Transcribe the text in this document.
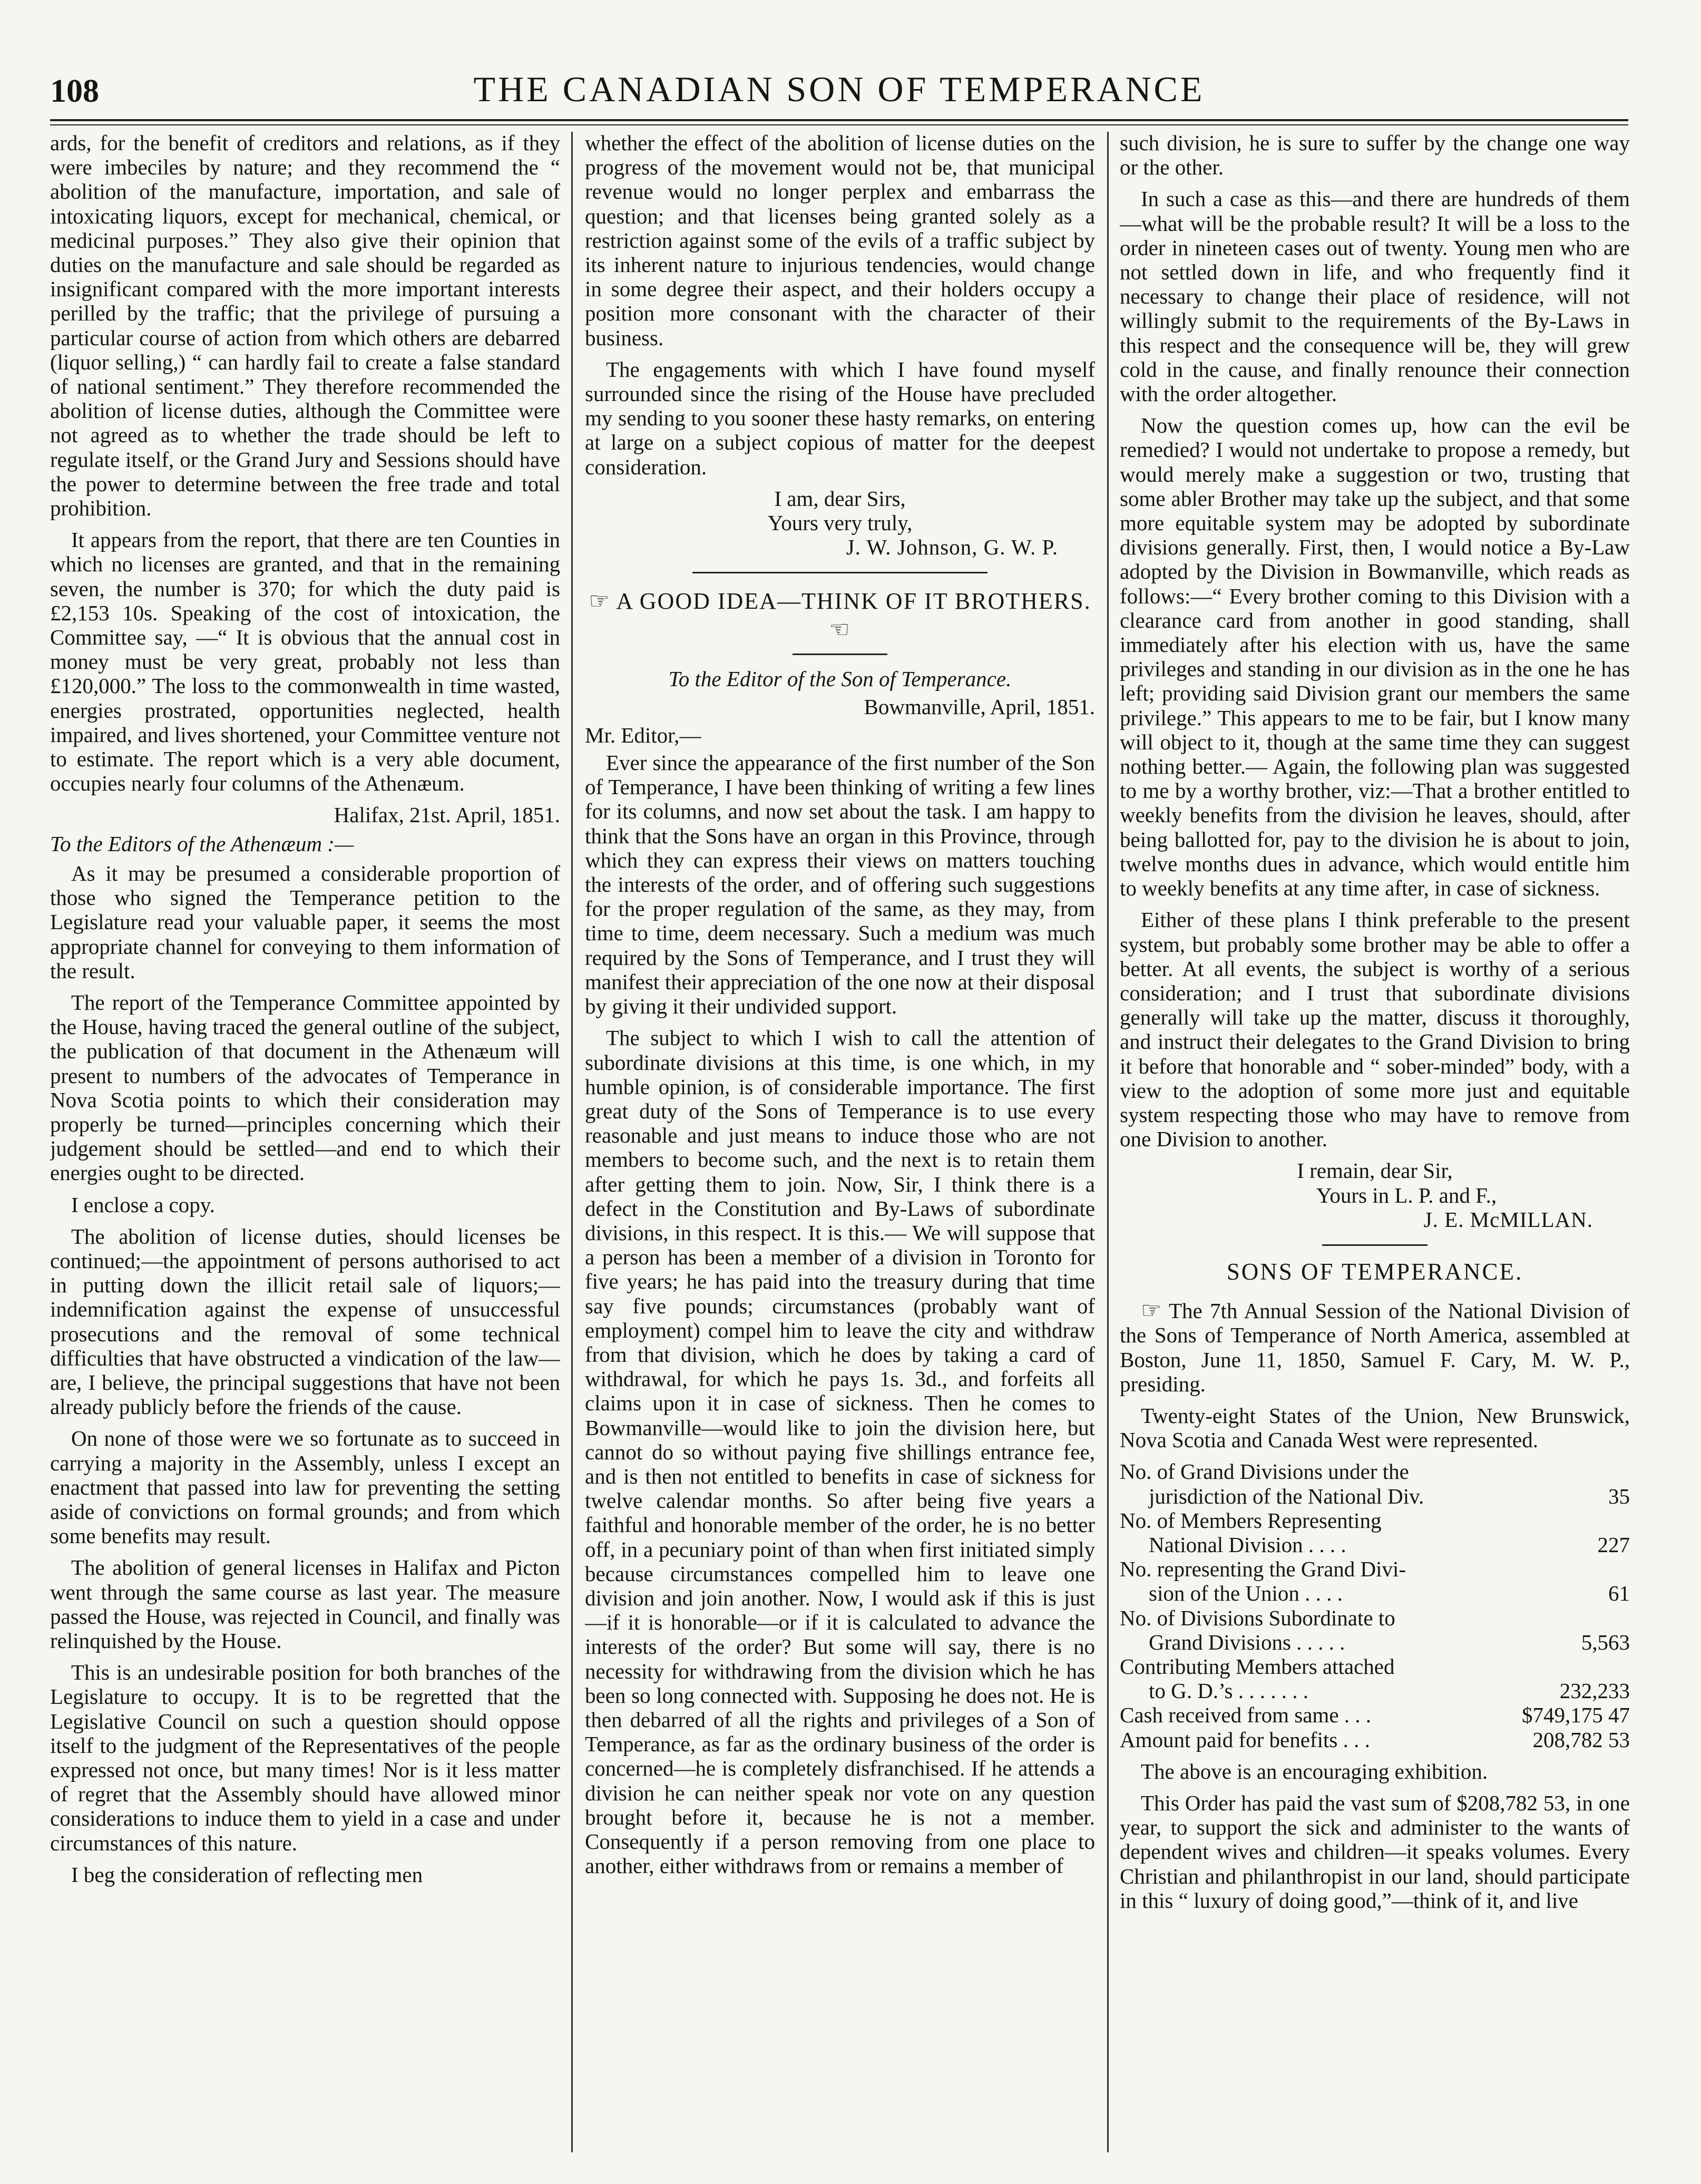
108	THE CANADIAN SON OF TEMPERANCE

ards, for the benefit of creditors and relations, as if they were imbeciles by nature; and they recommend the “ abolition of the manufacture, importation, and sale of intoxicating liquors, except for mechanical, chemical, or medicinal purposes.” They also give their opinion that duties on the manufacture and sale should be regarded as insignificant compared with the more important interests perilled by the traffic; that the privilege of pursuing a particular course of action from which others are debarred (liquor selling,) “ can hardly fail to create a false standard of national sentiment.” They therefore recommended the abolition of license duties, although the Committee were not agreed as to whether the trade should be left to regulate itself, or the Grand Jury and Sessions should have the power to determine between the free trade and total prohibition.

It appears from the report, that there are ten Counties in which no licenses are granted, and that in the remaining seven, the number is 370; for which the duty paid is £2,153 10s. Speaking of the cost of intoxication, the Committee say, —“ It is obvious that the annual cost in money must be very great, probably not less than £120,000.” The loss to the commonwealth in time wasted, energies prostrated, opportunities neglected, health impaired, and lives shortened, your Committee venture not to estimate. The report which is a very able document, occupies nearly four columns of the Athenæum.

Halifax, 21st. April, 1851.

To the Editors of the Athenæum :—

As it may be presumed a considerable proportion of those who signed the Temperance petition to the Legislature read your valuable paper, it seems the most appropriate channel for conveying to them information of the result.

The report of the Temperance Committee appointed by the House, having traced the general outline of the subject, the publication of that document in the Athenæum will present to numbers of the advocates of Temperance in Nova Scotia points to which their consideration may properly be turned—principles concerning which their judgement should be settled—and end to which their energies ought to be directed.

I enclose a copy.

The abolition of license duties, should licenses be continued;—the appointment of persons authorised to act in putting down the illicit retail sale of liquors;—indemnification against the expense of unsuccessful prosecutions and the removal of some technical difficulties that have obstructed a vindication of the law—are, I believe, the principal suggestions that have not been already publicly before the friends of the cause.

On none of those were we so fortunate as to succeed in carrying a majority in the Assembly, unless I except an enactment that passed into law for preventing the setting aside of convictions on formal grounds; and from which some benefits may result.

The abolition of general licenses in Halifax and Picton went through the same course as last year. The measure passed the House, was rejected in Council, and finally was relinquished by the House.

This is an undesirable position for both branches of the Legislature to occupy. It is to be regretted that the Legislative Council on such a question should oppose itself to the judgment of the Representatives of the people expressed not once, but many times! Nor is it less matter of regret that the Assembly should have allowed minor considerations to induce them to yield in a case and under circumstances of this nature.

I beg the consideration of reflecting men

whether the effect of the abolition of license duties on the progress of the movement would not be, that municipal revenue would no longer perplex and embarrass the question; and that licenses being granted solely as a restriction against some of the evils of a traffic subject by its inherent nature to injurious tendencies, would change in some degree their aspect, and their holders occupy a position more consonant with the character of their business.

The engagements with which I have found myself surrounded since the rising of the House have precluded my sending to you sooner these hasty remarks, on entering at large on a subject copious of matter for the deepest consideration.

I am, dear Sirs,

Yours very truly,

J. W. Johnson, G. W. P.

☞ A GOOD IDEA—THINK OF IT BROTHERS. ☜

To the Editor of the Son of Temperance.

Bowmanville, April, 1851.

Mr. Editor,—

Ever since the appearance of the first number of the Son of Temperance, I have been thinking of writing a few lines for its columns, and now set about the task. I am happy to think that the Sons have an organ in this Province, through which they can express their views on matters touching the interests of the order, and of offering such suggestions for the proper regulation of the same, as they may, from time to time, deem necessary. Such a medium was much required by the Sons of Temperance, and I trust they will manifest their appreciation of the one now at their disposal by giving it their undivided support.

The subject to which I wish to call the attention of subordinate divisions at this time, is one which, in my humble opinion, is of considerable importance. The first great duty of the Sons of Temperance is to use every reasonable and just means to induce those who are not members to become such, and the next is to retain them after getting them to join. Now, Sir, I think there is a defect in the Constitution and By-Laws of subordinate divisions, in this respect. It is this.— We will suppose that a person has been a member of a division in Toronto for five years; he has paid into the treasury during that time say five pounds; circumstances (probably want of employment) compel him to leave the city and withdraw from that division, which he does by taking a card of withdrawal, for which he pays 1s. 3d., and forfeits all claims upon it in case of sickness. Then he comes to Bowmanville—would like to join the division here, but cannot do so without paying five shillings entrance fee, and is then not entitled to benefits in case of sickness for twelve calendar months. So after being five years a faithful and honorable member of the order, he is no better off, in a pecuniary point of than when first initiated simply because circumstances compelled him to leave one division and join another. Now, I would ask if this is just—if it is honorable—or if it is calculated to advance the interests of the order? But some will say, there is no necessity for withdrawing from the division which he has been so long connected with. Supposing he does not. He is then debarred of all the rights and privileges of a Son of Temperance, as far as the ordinary business of the order is concerned—he is completely disfranchised. If he attends a division he can neither speak nor vote on any question brought before it, because he is not a member. Consequently if a person removing from one place to another, either withdraws from or remains a member of

such division, he is sure to suffer by the change one way or the other.

In such a case as this—and there are hundreds of them—what will be the probable result? It will be a loss to the order in nineteen cases out of twenty. Young men who are not settled down in life, and who frequently find it necessary to change their place of residence, will not willingly submit to the requirements of the By-Laws in this respect and the consequence will be, they will grew cold in the cause, and finally renounce their connection with the order altogether.

Now the question comes up, how can the evil be remedied? I would not undertake to propose a remedy, but would merely make a suggestion or two, trusting that some abler Brother may take up the subject, and that some more equitable system may be adopted by subordinate divisions generally. First, then, I would notice a By-Law adopted by the Division in Bowmanville, which reads as follows:—“ Every brother coming to this Division with a clearance card from another in good standing, shall immediately after his election with us, have the same privileges and standing in our division as in the one he has left; providing said Division grant our members the same privilege.” This appears to me to be fair, but I know many will object to it, though at the same time they can suggest nothing better.— Again, the following plan was suggested to me by a worthy brother, viz:—That a brother entitled to weekly benefits from the division he leaves, should, after being ballotted for, pay to the division he is about to join, twelve months dues in advance, which would entitle him to weekly benefits at any time after, in case of sickness.

Either of these plans I think preferable to the present system, but probably some brother may be able to offer a better. At all events, the subject is worthy of a serious consideration; and I trust that subordinate divisions generally will take up the matter, discuss it thoroughly, and instruct their delegates to the Grand Division to bring it before that honorable and “ sober-minded” body, with a view to the adoption of some more just and equitable system respecting those who may have to remove from one Division to another.

I remain, dear Sir,

Yours in L. P. and F.,

J. E. McMILLAN.

SONS OF TEMPERANCE.

☞ The 7th Annual Session of the National Division of the Sons of Temperance of North America, assembled at Boston, June 11, 1850, Samuel F. Cary, M. W. P., presiding.

Twenty-eight States of the Union, New Brunswick, Nova Scotia and Canada West were represented.

No. of Grand Divisions under the
jurisdiction of the National Div.	35
No. of Members Representing
National Division . . . .	227
No. representing the Grand Divi-
sion of the Union . . . .	61
No. of Divisions Subordinate to
Grand Divisions . . . . .	5,563
Contributing Members attached
to G. D.’s . . . . . . .	232,233
Cash received from same . . .	$749,175 47
Amount paid for benefits . . .	208,782 53

The above is an encouraging exhibition.

This Order has paid the vast sum of $208,782 53, in one year, to support the sick and administer to the wants of dependent wives and children—it speaks volumes. Every Christian and philanthropist in our land, should participate in this “ luxury of doing good,”—think of it, and live
